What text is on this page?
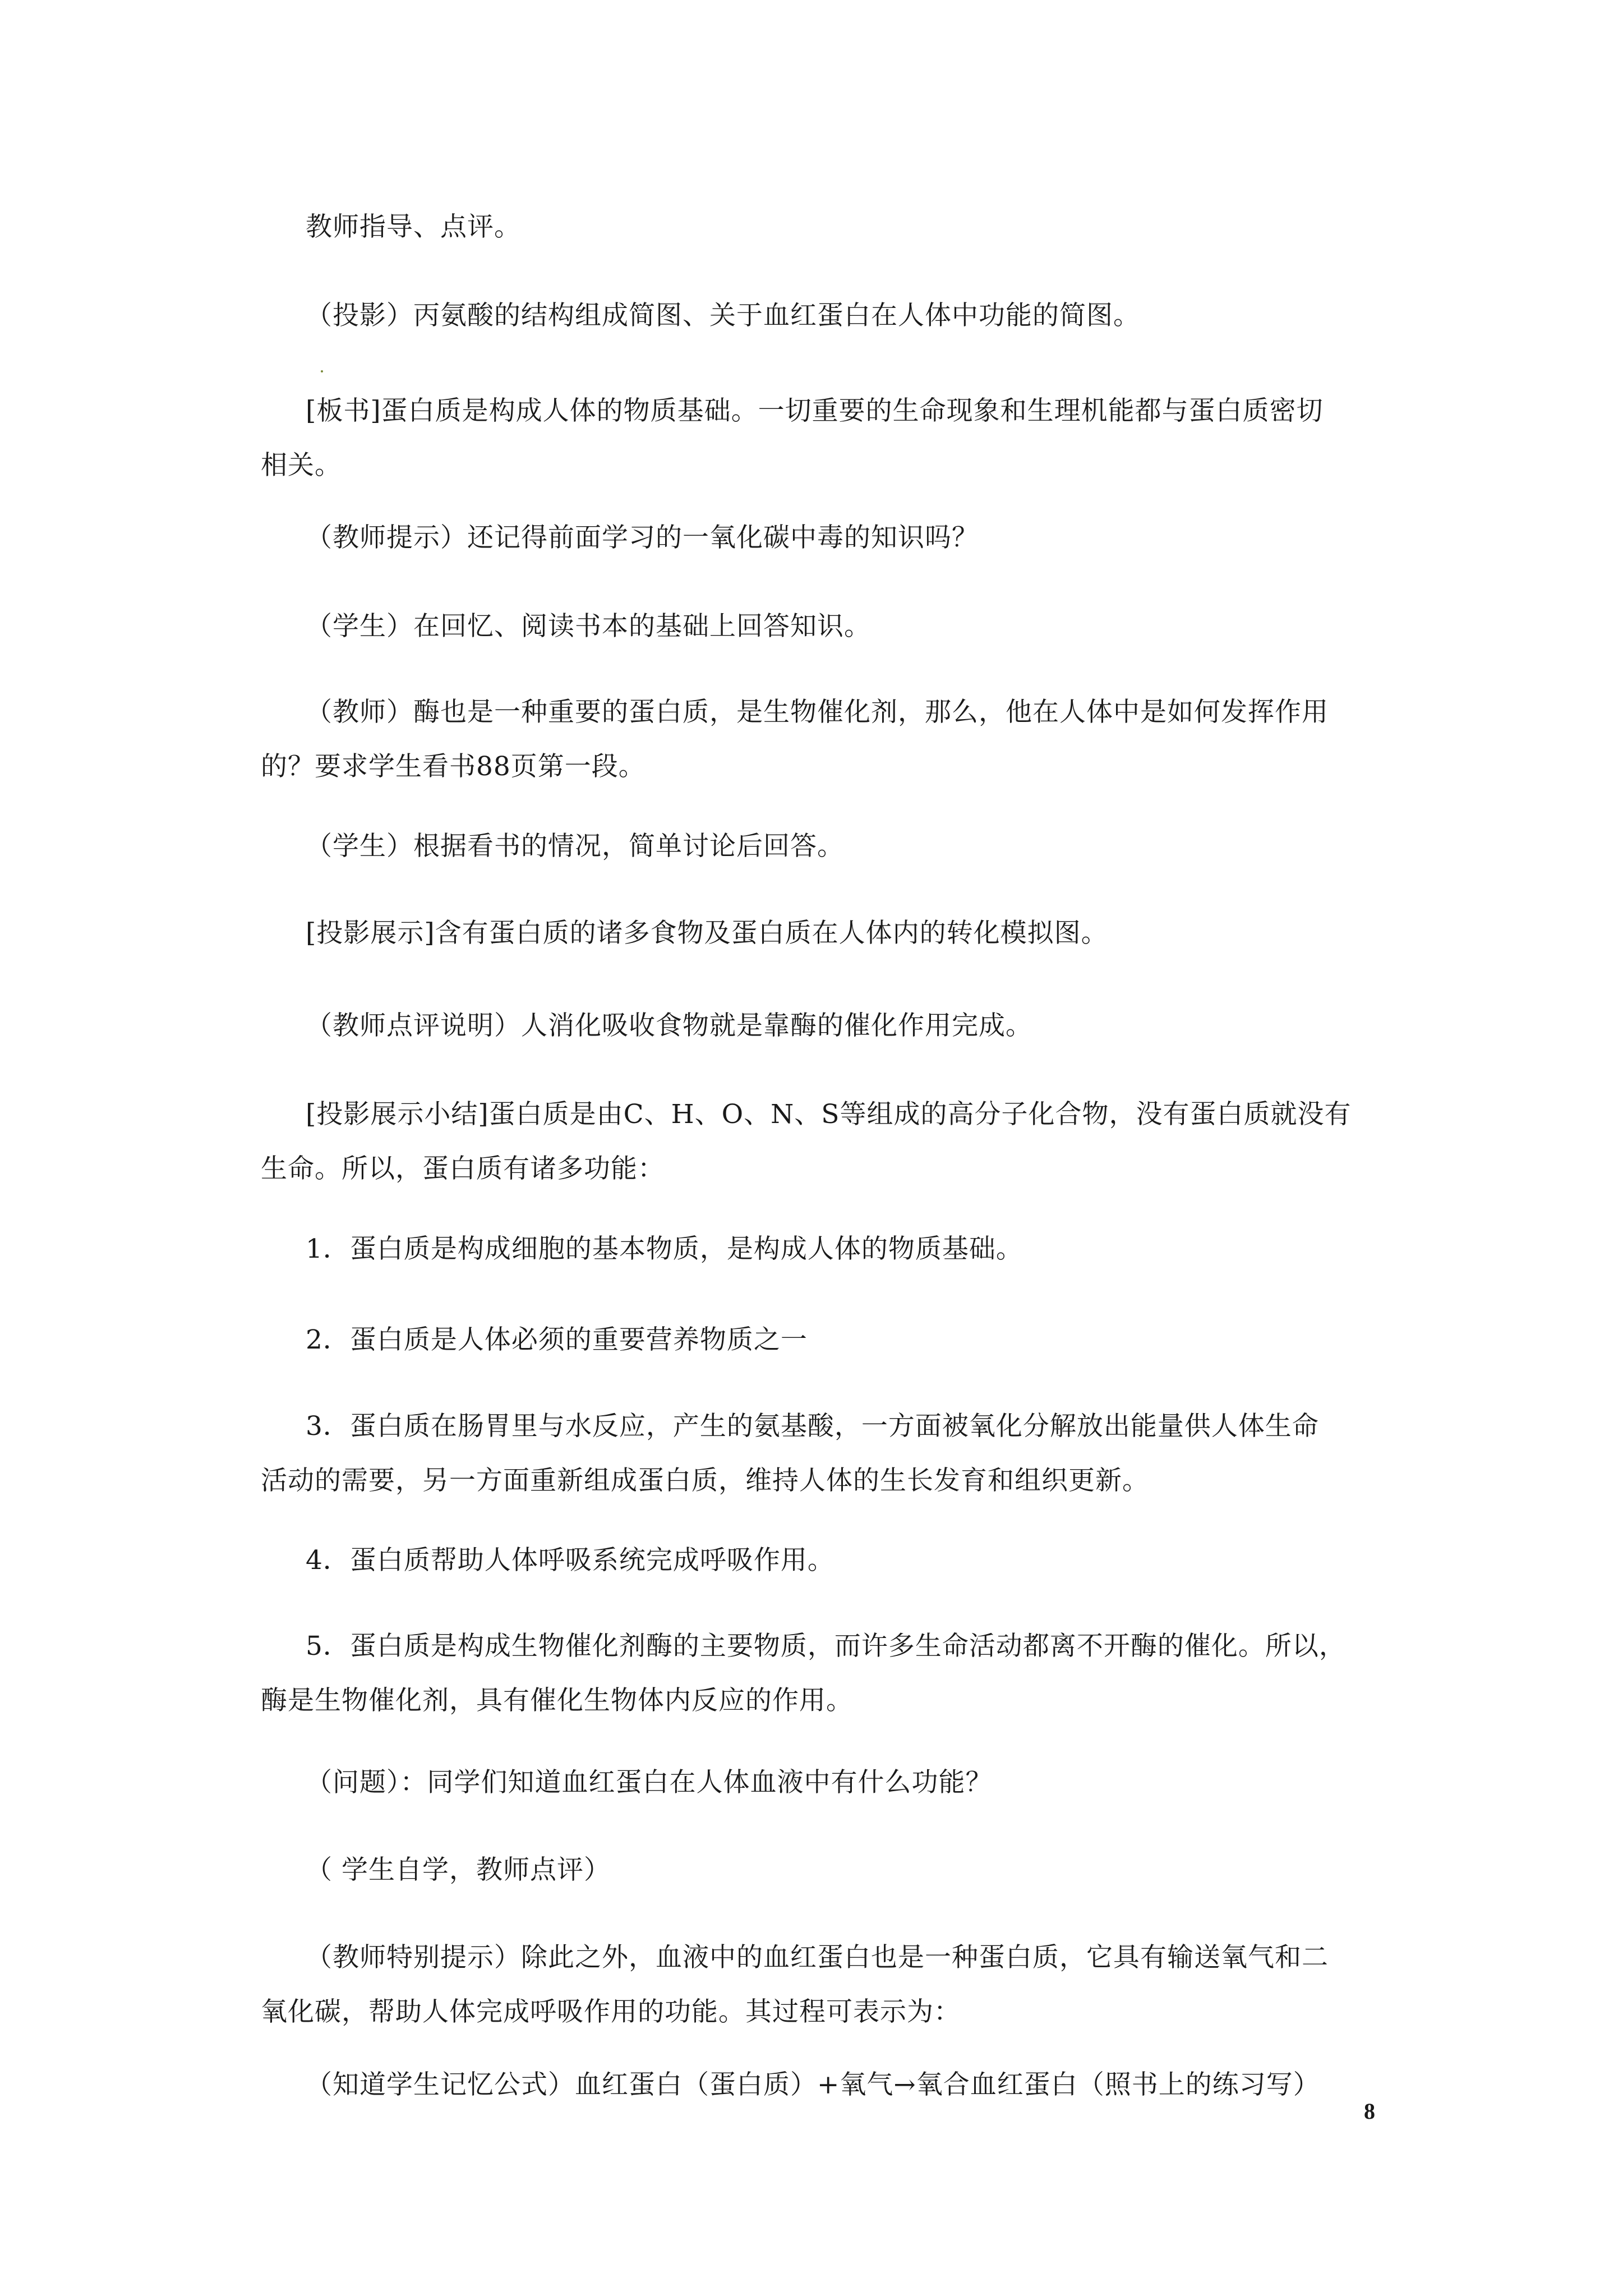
教师指导、点评。

（投影）丙氨酸的结构组成简图、关于血红蛋白在人体中功能的简图。

[板书]蛋白质是构成人体的物质基础。一切重要的生命现象和生理机能都与蛋白质密切
相关。

（教师提示）还记得前面学习的一氧化碳中毒的知识吗？

（学生）在回忆、阅读书本的基础上回答知识。

（教师）酶也是一种重要的蛋白质，是生物催化剂，那么，他在人体中是如何发挥作用
的？要求学生看书88页第一段。

（学生）根据看书的情况，简单讨论后回答。

[投影展示]含有蛋白质的诸多食物及蛋白质在人体内的转化模拟图。

（教师点评说明）人消化吸收食物就是靠酶的催化作用完成。

[投影展示小结]蛋白质是由C、H、O、N、S等组成的高分子化合物，没有蛋白质就没有
生命。所以，蛋白质有诸多功能：

1．蛋白质是构成细胞的基本物质，是构成人体的物质基础。

2．蛋白质是人体必须的重要营养物质之一

3．蛋白质在肠胃里与水反应，产生的氨基酸，一方面被氧化分解放出能量供人体生命
活动的需要，另一方面重新组成蛋白质，维持人体的生长发育和组织更新。

4．蛋白质帮助人体呼吸系统完成呼吸作用。

5．蛋白质是构成生物催化剂酶的主要物质，而许多生命活动都离不开酶的催化。所以，
酶是生物催化剂，具有催化生物体内反应的作用。

（问题）：同学们知道血红蛋白在人体血液中有什么功能？

（ 学生自学，教师点评）

（教师特别提示）除此之外，血液中的血红蛋白也是一种蛋白质，它具有输送氧气和二
氧化碳，帮助人体完成呼吸作用的功能。其过程可表示为：

（知道学生记忆公式）血红蛋白（蛋白质）+氧气→氧合血红蛋白（照书上的练习写）

8
